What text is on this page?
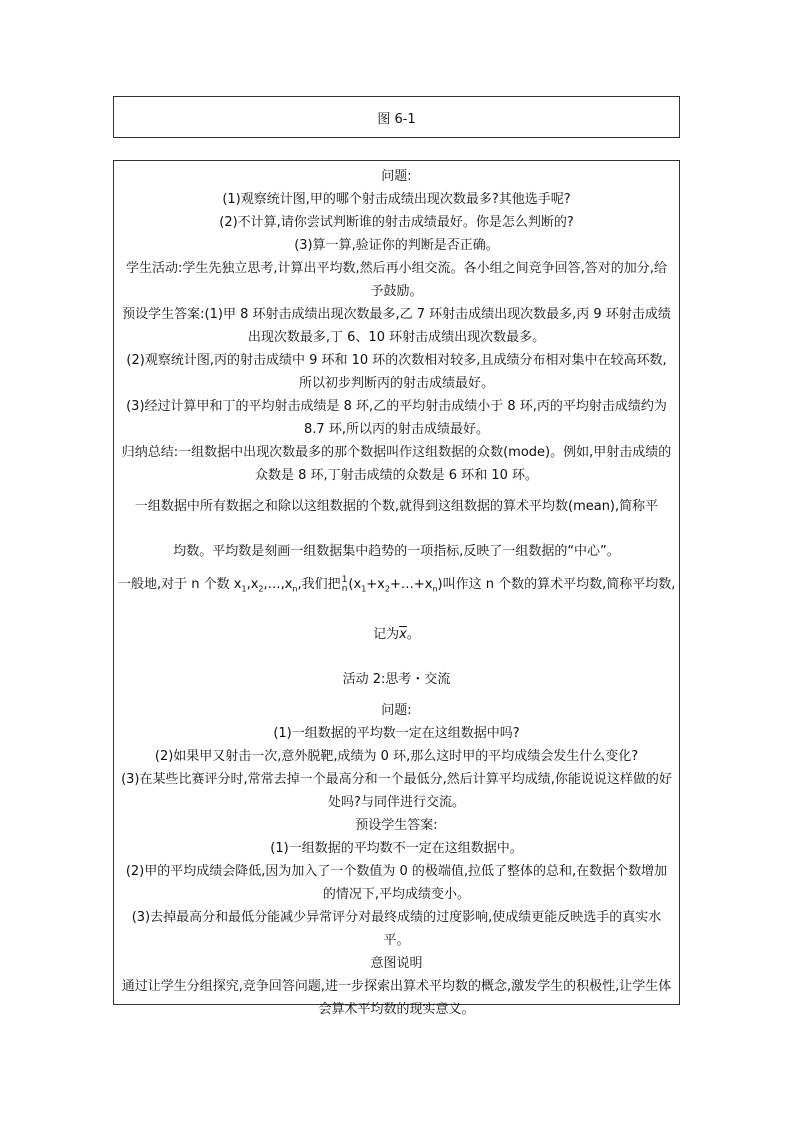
图 6-1

问题:

(1)观察统计图,甲的哪个射击成绩出现次数最多?其他选手呢?

(2)不计算,请你尝试判断谁的射击成绩最好。你是怎么判断的?

(3)算一算,验证你的判断是否正确。

学生活动:学生先独立思考,计算出平均数,然后再小组交流。各小组之间竞争回答,答对的加分,给予鼓励。

预设学生答案:(1)甲 8 环射击成绩出现次数最多,乙 7 环射击成绩出现次数最多,丙 9 环射击成绩出现次数最多,丁 6、10 环射击成绩出现次数最多。

(2)观察统计图,丙的射击成绩中 9 环和 10 环的次数相对较多,且成绩分布相对集中在较高环数,所以初步判断丙的射击成绩最好。

(3)经过计算甲和丁的平均射击成绩是 8 环,乙的平均射击成绩小于 8 环,丙的平均射击成绩约为 8.7 环,所以丙的射击成绩最好。

归纳总结:一组数据中出现次数最多的那个数据叫作这组数据的众数(mode)。例如,甲射击成绩的众数是 8 环,丁射击成绩的众数是 6 环和 10 环。

一组数据中所有数据之和除以这组数据的个数,就得到这组数据的算术平均数(mean),简称平

均数。平均数是刻画一组数据集中趋势的一项指标,反映了一组数据的“中心”。

一般地,对于 n 个数 $x_1,x_2,\dots,x_n$,我们把 1
n $(x_1+x_2+\dots+x_n)$叫作这 n 个数的算术平均数,简称平均数,

记为$\overline{x}$。

活动 2:思考・交流

问题:

(1)一组数据的平均数一定在这组数据中吗?

(2)如果甲又射击一次,意外脱靶,成绩为 0 环,那么这时甲的平均成绩会发生什么变化?

(3)在某些比赛评分时,常常去掉一个最高分和一个最低分,然后计算平均成绩,你能说说这样做的好处吗?与同伴进行交流。

预设学生答案:

(1)一组数据的平均数不一定在这组数据中。

(2)甲的平均成绩会降低,因为加入了一个数值为 0 的极端值,拉低了整体的总和,在数据个数增加的情况下,平均成绩变小。

(3)去掉最高分和最低分能减少异常评分对最终成绩的过度影响,使成绩更能反映选手的真实水平。

意图说明

通过让学生分组探究,竞争回答问题,进一步探索出算术平均数的概念,激发学生的积极性,让学生体会算术平均数的现实意义。
